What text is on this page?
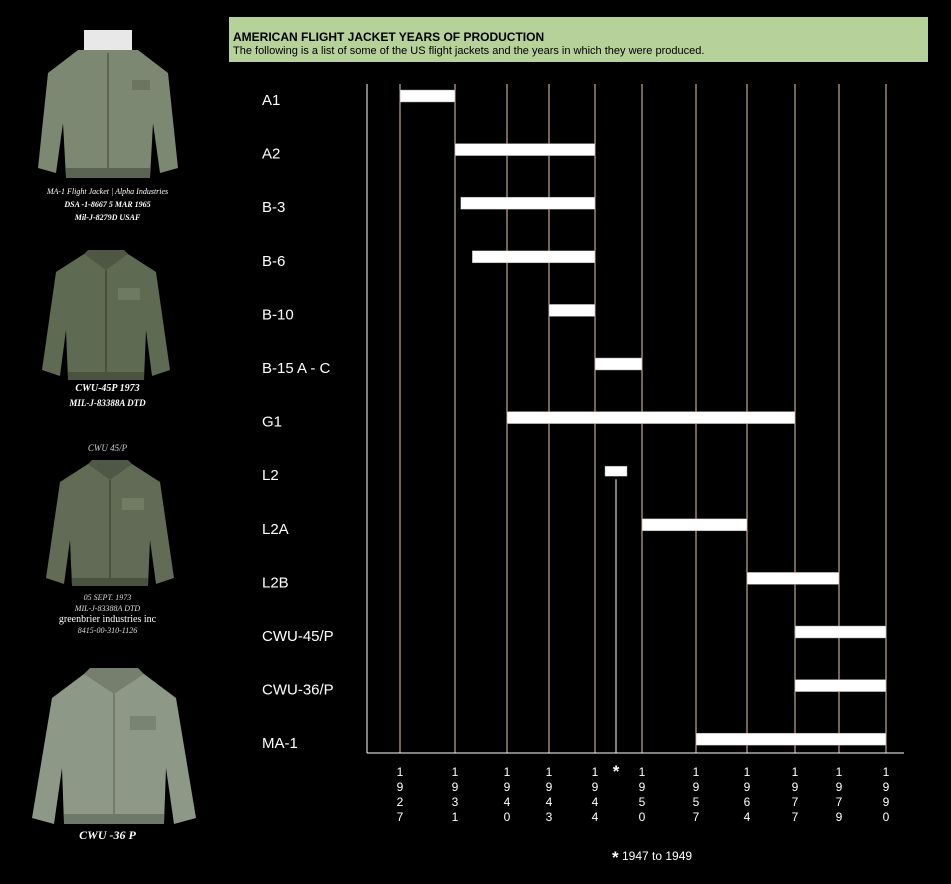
AMERICAN FLIGHT JACKET YEARS OF PRODUCTION
The following is a list of some of the US flight jackets and the years in which they were produced.
MA-1 Flight Jacket | Alpha Industries
DSA -1-8667 5 MAR 1965
Mil-J-8279D USAF
CWU-45P 1973
MIL-J-83388A DTD
CWU 45/P
05 SEPT. 1973
MIL-J-83388A DTD
greenbrier industries inc
8415-00-310-1126
CWU -36 P
A1
A2
B-3
B-6
B-10
B-15 A - C
G1
L2
L2A
L2B
CWU-45/P
CWU-36/P
MA-1
1 9 2 7
1 9 3 1
1 9 4 0
1 9 4 3
1 9 4 4
1 9 5 0
1 9 5 7
1 9 6 4
1 9 7 7
1 9 7 9
1 9 9 0
*
* 1947 to 1949
